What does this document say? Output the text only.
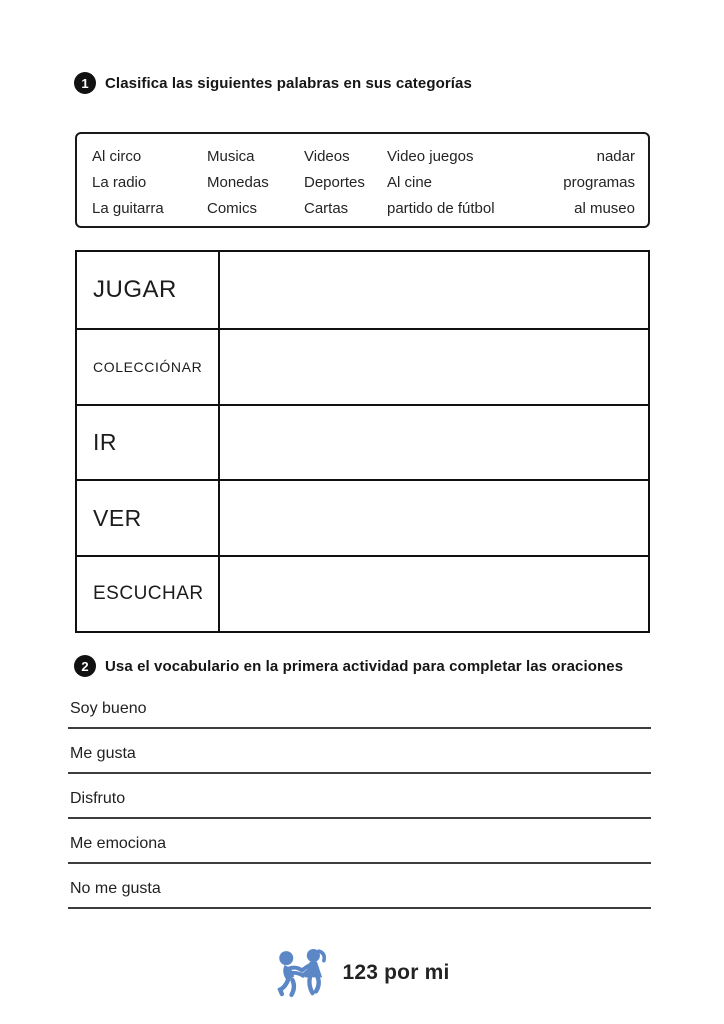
1	Clasifica las siguientes palabras en sus categorías
Al circo	Musica	Videos	Video juegos	nadar
La radio	Monedas	Deportes	Al cine	programas
La guitarra	Comics	Cartas	partido de fútbol	al museo
JUGAR
COLECCIÓNAR
IR
VER
ESCUCHAR
2	Usa el vocabulario en la primera actividad para completar las oraciones
Soy bueno
Me gusta
Disfruto
Me emociona
No me gusta
123 por mi
